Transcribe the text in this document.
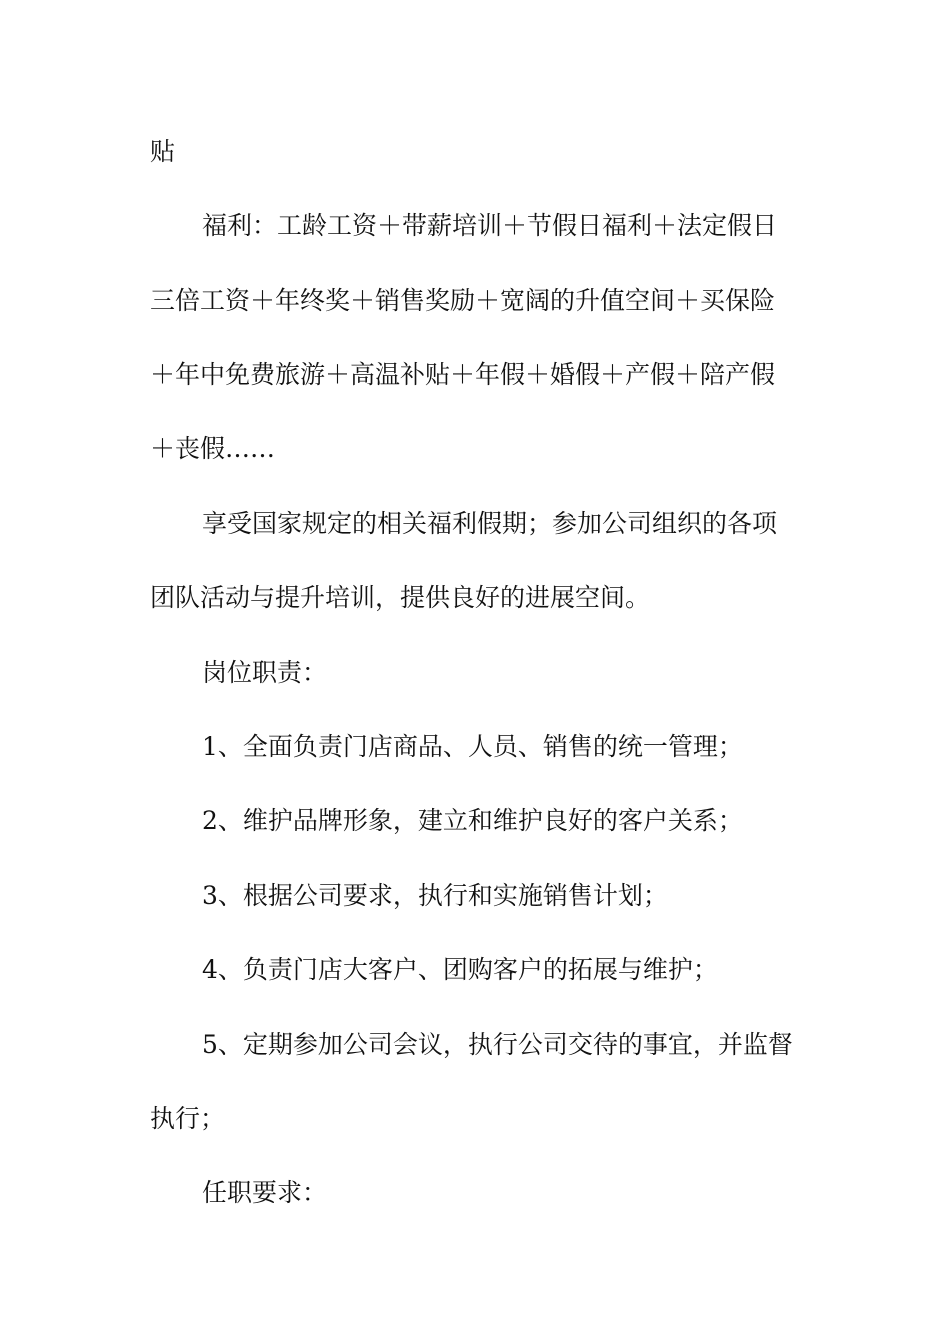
贴
福利：工龄工资＋带薪培训＋节假日福利＋法定假日
三倍工资＋年终奖＋销售奖励＋宽阔的升值空间＋买保险
＋年中免费旅游＋高温补贴＋年假＋婚假＋产假＋陪产假
＋丧假……
享受国家规定的相关福利假期；参加公司组织的各项
团队活动与提升培训，提供良好的进展空间。
岗位职责：
1、全面负责门店商品、人员、销售的统一管理；
2、维护品牌形象，建立和维护良好的客户关系；
3、根据公司要求，执行和实施销售计划；
4、负责门店大客户、团购客户的拓展与维护；
5、定期参加公司会议，执行公司交待的事宜，并监督
执行；
任职要求：
